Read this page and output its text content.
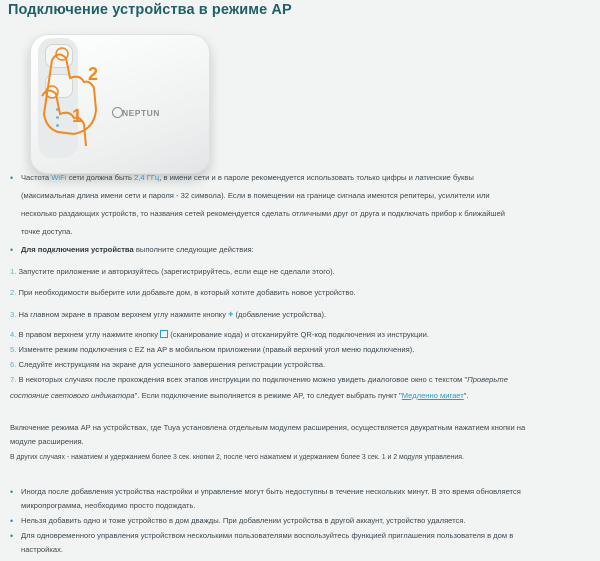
Подключение устройства в режиме AP
NEPTUN
2
1
• Частота WiFi сети должна быть 2,4 ГГц, в имени сети и в пароле рекомендуется использовать только цифры и латинские буквы
(максимальная длина имени сети и пароля - 32 символа). Если в помещении на границе сигнала имеются репитеры, усилители или
несколько раздающих устройств, то названия сетей рекомендуется сделать отличными друг от друга и подключать прибор к ближайшей
точке доступа.
• Для подключения устройства выполните следующие действия:
1. Запустите приложение и авторизуйтесь (зарегистрируйтесь, если еще не сделали этого).
2. При необходимости выберите или добавьте дом, в который хотите добавить новое устройство.
3. На главном экране в правом верхнем углу нажмите кнопку + (добавление устройства).
4. В правом верхнем углу нажмите кнопку  (сканирование кода) и отсканируйте QR-код подключения из инструкции.
5. Измените режим подключения с EZ на AP в мобильном приложении (правый верхний угол меню подключения).
6. Следуйте инструкциям на экране для успешного завершения регистрации устройства.
7. В некоторых случаях после прохождения всех этапов инструкции по подключению можно увидеть диалоговое окно с текстом "Проверьте
состояние светового индикатора". Если подключение выполняется в режиме AP, то следует выбрать пункт "Медленно мигает".
Включение режима AP на устройствах, где Tuya установлена отдельным модулем расширения, осуществляется двукратным нажатием кнопки на
модуле расширения.
В других случаях - нажатием и удержанием более 3 сек. кнопки 2, после чего нажатием и удержанием более 3 сек. 1 и 2 модуля управления.
• Иногда после добавления устройства настройки и управление могут быть недоступны в течение нескольких минут. В это время обновляется
микропрограмма, необходимо просто подождать.
• Нельзя добавить одно и тоже устройство в дом дважды. При добавлении устройства в другой аккаунт, устройство удаляется.
• Для одновременного управления устройством несколькими пользователями воспользуйтесь функцией приглашения пользователя в дом в
настройках.
